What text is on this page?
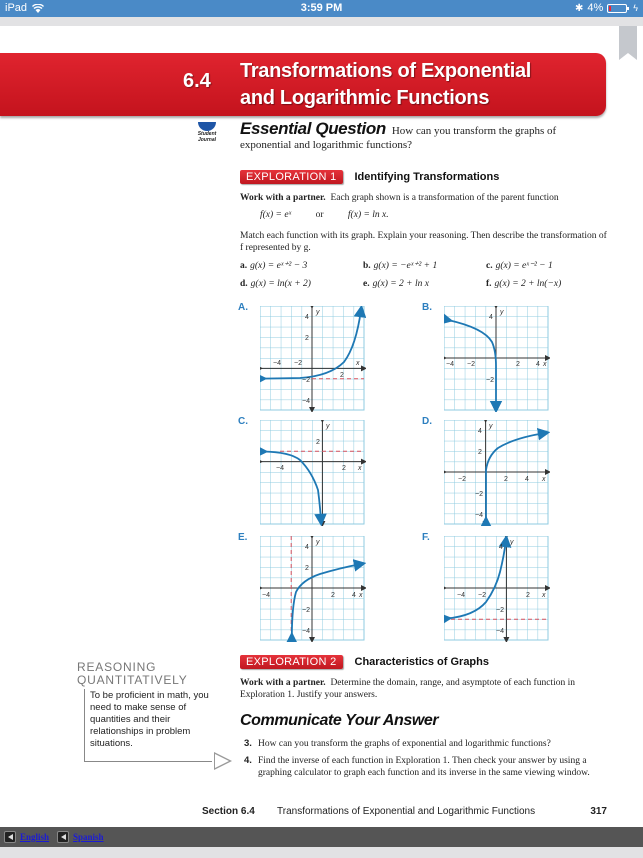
iPad	3:59 PM	✱ 4%	ϟ
6.4 Transformations of Exponential
and Logarithmic Functions
Student
Journal
Essential Question How can you transform the graphs of exponential and logarithmic functions?
EXPLORATION 1 Identifying Transformations
Work with a partner. Each graph shown is a transformation of the parent function
f(x) = eˣ	or	f(x) = ln x.
Match each function with its graph. Explain your reasoning. Then describe the transformation of f represented by g.
a. g(x) = eˣ⁺² − 3	b. g(x) = −eˣ⁺² + 1	c. g(x) = eˣ⁻² − 1
d. g(x) = ln(x + 2)	e. g(x) = 2 + ln x	f. g(x) = 2 + ln(−x)
A.
−4 −2
2
x
y
4
2
−2
−4
B.
−4 −2	2 4 x
y
4
−2
C.
−4	2 x
y
2
D.
−2	2 4 x
y
4
2
−2
−4
E.
−4	2 4 x
y
4
2
−2
−4
F.
−4 −2	2 x
y
4
−2
−4
REASONING
QUANTITATIVELY
To be proficient in math, you need to make sense of quantities and their relationships in problem situations.
EXPLORATION 2 Characteristics of Graphs
Work with a partner. Determine the domain, range, and asymptote of each function in Exploration 1. Justify your answers.
Communicate Your Answer
3. How can you transform the graphs of exponential and logarithmic functions?
4. Find the inverse of each function in Exploration 1. Then check your answer by using a graphing calculator to graph each function and its inverse in the same viewing window.
Section 6.4	Transformations of Exponential and Logarithmic Functions	317
English	Spanish
